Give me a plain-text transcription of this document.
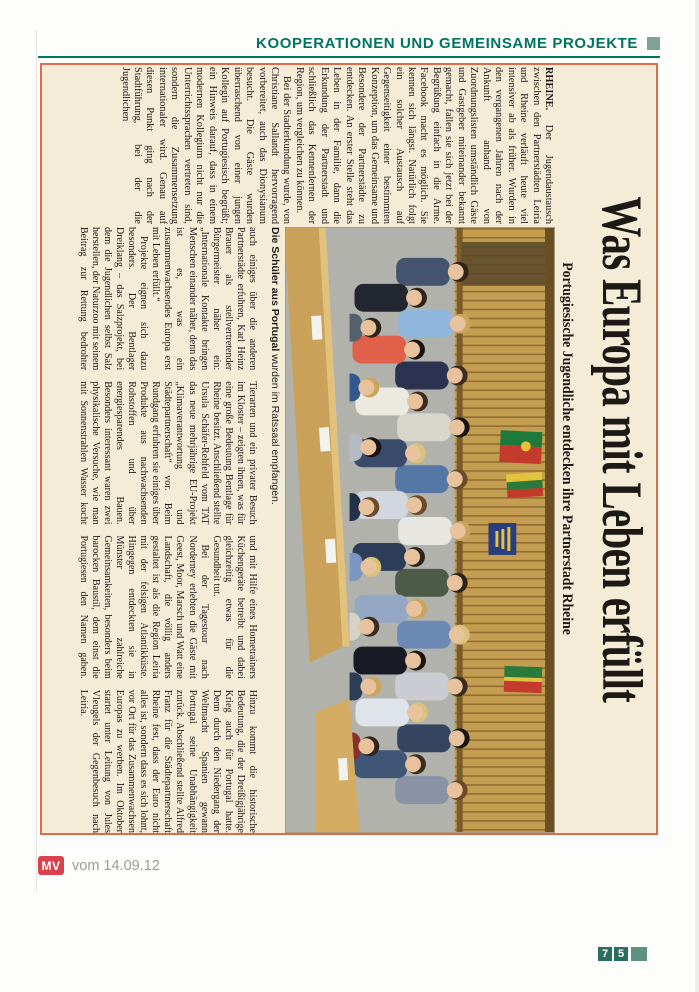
KOOPERATIONEN UND GEMEINSAME PROJEKTE
Was Europa mit Leben erfüllt
Portugiesische Jugendliche entdecken ihre Partnerstadt Rheine

RHEINE. Der Jugendaustausch zwischen den Partnerstädten Leiria und Rheine verläuft heute viel intensiver ab als früher. Wurden in den vergangenen Jahren nach der Ankunft anhand von Zuordnungslisten umständlich Gäste und Gastgeber miteinander bekannt gemacht, fallen sie sich jetzt bei der Begrüßung einfach in die Arme. Facebook macht es möglich. Sie kennen sich längst. Natürlich folgt ein solcher Austausch auf Gegenseitigkeit einer bestimmten Konzeption, um das Gemeinsame und Besondere der Partnerstädte zu entdecken. An erster Stelle steht das Leben in der Familie, dann die Erkundung der Partnerstadt und schließlich das Kennenlernen der Region, um vergleichen zu können.

Bei der Stadterkundung wurde, von Christiane Sallandt hervorragend vorbereitet, auch das Dionysianum besucht. Die Gäste wurden überraschend von einer jungen Kollegin auf Portugiesisch begrüßt; ein Hinweis darauf, dass in einem modernen Kollegium nicht nur die Unterrichtssprachen vertreten sind, sondern die Zusammensetzung internationaler wird. Genau auf diesen Punkt ging nach der Stadtführung, bei der die Jugendlichen

Die Schüler aus Portugal wurden im Ratssaal empfangen.

auch einiges über die anderen Partnerstädte erfuhren, Karl Heinz Brauer als stellvertretender Bürgermeister näher ein: „Internationale Kontakte bringen Menschen einander näher, denn das ist es, was ein zusammenwachsendes Europa erst mit Leben erfüllt.“

Projekte eignen sich dazu besonders. Der Bentlager Dreiklang – das Salzprojekt, bei dem die Jugendlichen selbst Salz herstellen, der Naturzoo mit seinem Beitrag zur Rettung bedrohter Tierarten und ein privater Besuch im Kloster – zeigten ihnen, was für eine große Bedeutung Bentlage für Rheine besitzt. Anschließend stellte Ursula Schäfer-Rehfeld vom TAT das neue mehrjährige EU-Projekt „Klimaverantwortung und Städtepartnerschaft“ vor. Beim Rundgang erfuhren sie einiges über Produkte aus nachwachsenden Rohstoffen und über energiesparendes Bauen. Besonders interessant waren zwei physikalische Versuche, wie man mit Sonnenstrahlen Wasser kocht und mit Hilfe eines Hometrainers Küchengeräte betreibt und dabei gleichzeitig etwas für die Gesundheit tut.

Bei der Tagestour nach Norderney erlebten die Gäste mit Geest, Moor, Marsch und Watt eine Landschaft, die völlig anders gestaltet ist als die Region Leiria mit der felsigen Atlantikküste. Hingegen entdeckten sie in Münster zahlreiche Gemeinsamkeiten, besonders beim barocken Baustil, dem einst die Portugiesen den Namen gaben. Hinzu kommt die historische Bedeutung, die der Dreißigjährige Krieg auch für Portugal hatte. Denn durch den Niedergang der Weltmacht Spanien gewann Portugal seine Unabhängigkeit zurück. Abschließend stellte Alfred Franz für die Städtepartnerschaft Rheine fest, dass der Euro nicht alles ist, sondern dass es sich lohnt, vor Ort für das Zusammenwachsen Europas zu werben. Im Oktober startet unter Leitung von Jules Vleugels der Gegenbesuch nach Leiria.

MV vom 14.09.12
7 5
